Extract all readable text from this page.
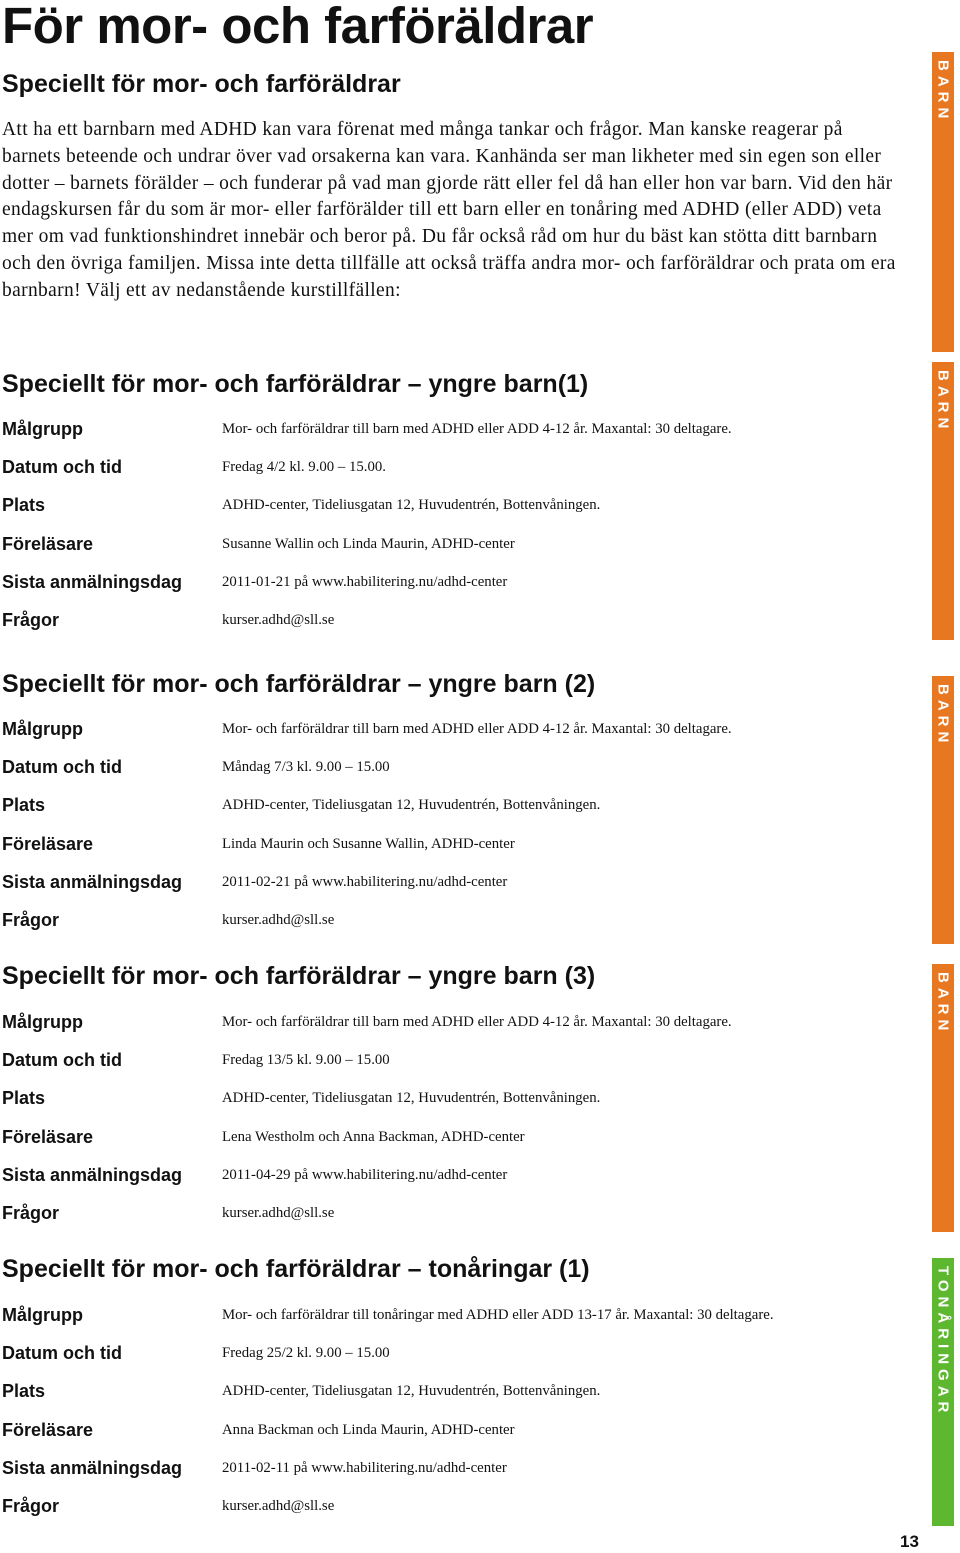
För mor- och farföräldrar
Speciellt för mor- och farföräldrar

Att ha ett barnbarn med ADHD kan vara förenat med många tankar och frågor. Man kanske reagerar på barnets beteende och undrar över vad orsakerna kan vara. Kanhända ser man likheter med sin egen son eller dotter – barnets förälder – och funderar på vad man gjorde rätt eller fel då han eller hon var barn. Vid den här endagskursen får du som är mor- eller farförälder till ett barn eller en tonåring med ADHD (eller ADD) veta mer om vad funktionshindret innebär och beror på. Du får också råd om hur du bäst kan stötta ditt barnbarn och den övriga familjen. Missa inte detta tillfälle att också träffa andra mor- och farföräldrar och prata om era barnbarn! Välj ett av nedanstående kurstillfällen:

BARN
BARN
BARN
BARN
TONÅRINGAR
Speciellt för mor- och farföräldrar – yngre barn(1)
Målgrupp	Mor- och farföräldrar till barn med ADHD eller ADD 4-12 år. Maxantal: 30 deltagare.
Datum och tid	Fredag 4/2 kl. 9.00 – 15.00.
Plats	ADHD-center, Tideliusgatan 12, Huvudentrén, Bottenvåningen.
Föreläsare	Susanne Wallin och Linda Maurin, ADHD-center
Sista anmälningsdag	2011-01-21 på www.habilitering.nu/adhd-center
Frågor	kurser.adhd@sll.se
Speciellt för mor- och farföräldrar – yngre barn (2)
Målgrupp	Mor- och farföräldrar till barn med ADHD eller ADD 4-12 år. Maxantal: 30 deltagare.
Datum och tid	Måndag 7/3 kl. 9.00 – 15.00
Plats	ADHD-center, Tideliusgatan 12, Huvudentrén, Bottenvåningen.
Föreläsare	Linda Maurin och Susanne Wallin, ADHD-center
Sista anmälningsdag	2011-02-21 på www.habilitering.nu/adhd-center
Frågor	kurser.adhd@sll.se
Speciellt för mor- och farföräldrar – yngre barn (3)
Målgrupp	Mor- och farföräldrar till barn med ADHD eller ADD 4-12 år. Maxantal: 30 deltagare.
Datum och tid	Fredag 13/5 kl. 9.00 – 15.00
Plats	ADHD-center, Tideliusgatan 12, Huvudentrén, Bottenvåningen.
Föreläsare	Lena Westholm och Anna Backman, ADHD-center
Sista anmälningsdag	2011-04-29 på www.habilitering.nu/adhd-center
Frågor	kurser.adhd@sll.se
Speciellt för mor- och farföräldrar – tonåringar (1)
Målgrupp	Mor- och farföräldrar till tonåringar med ADHD eller ADD 13-17 år. Maxantal: 30 deltagare.
Datum och tid	Fredag 25/2 kl. 9.00 – 15.00
Plats	ADHD-center, Tideliusgatan 12, Huvudentrén, Bottenvåningen.
Föreläsare	Anna Backman och Linda Maurin, ADHD-center
Sista anmälningsdag	2011-02-11 på www.habilitering.nu/adhd-center
Frågor	kurser.adhd@sll.se
13
